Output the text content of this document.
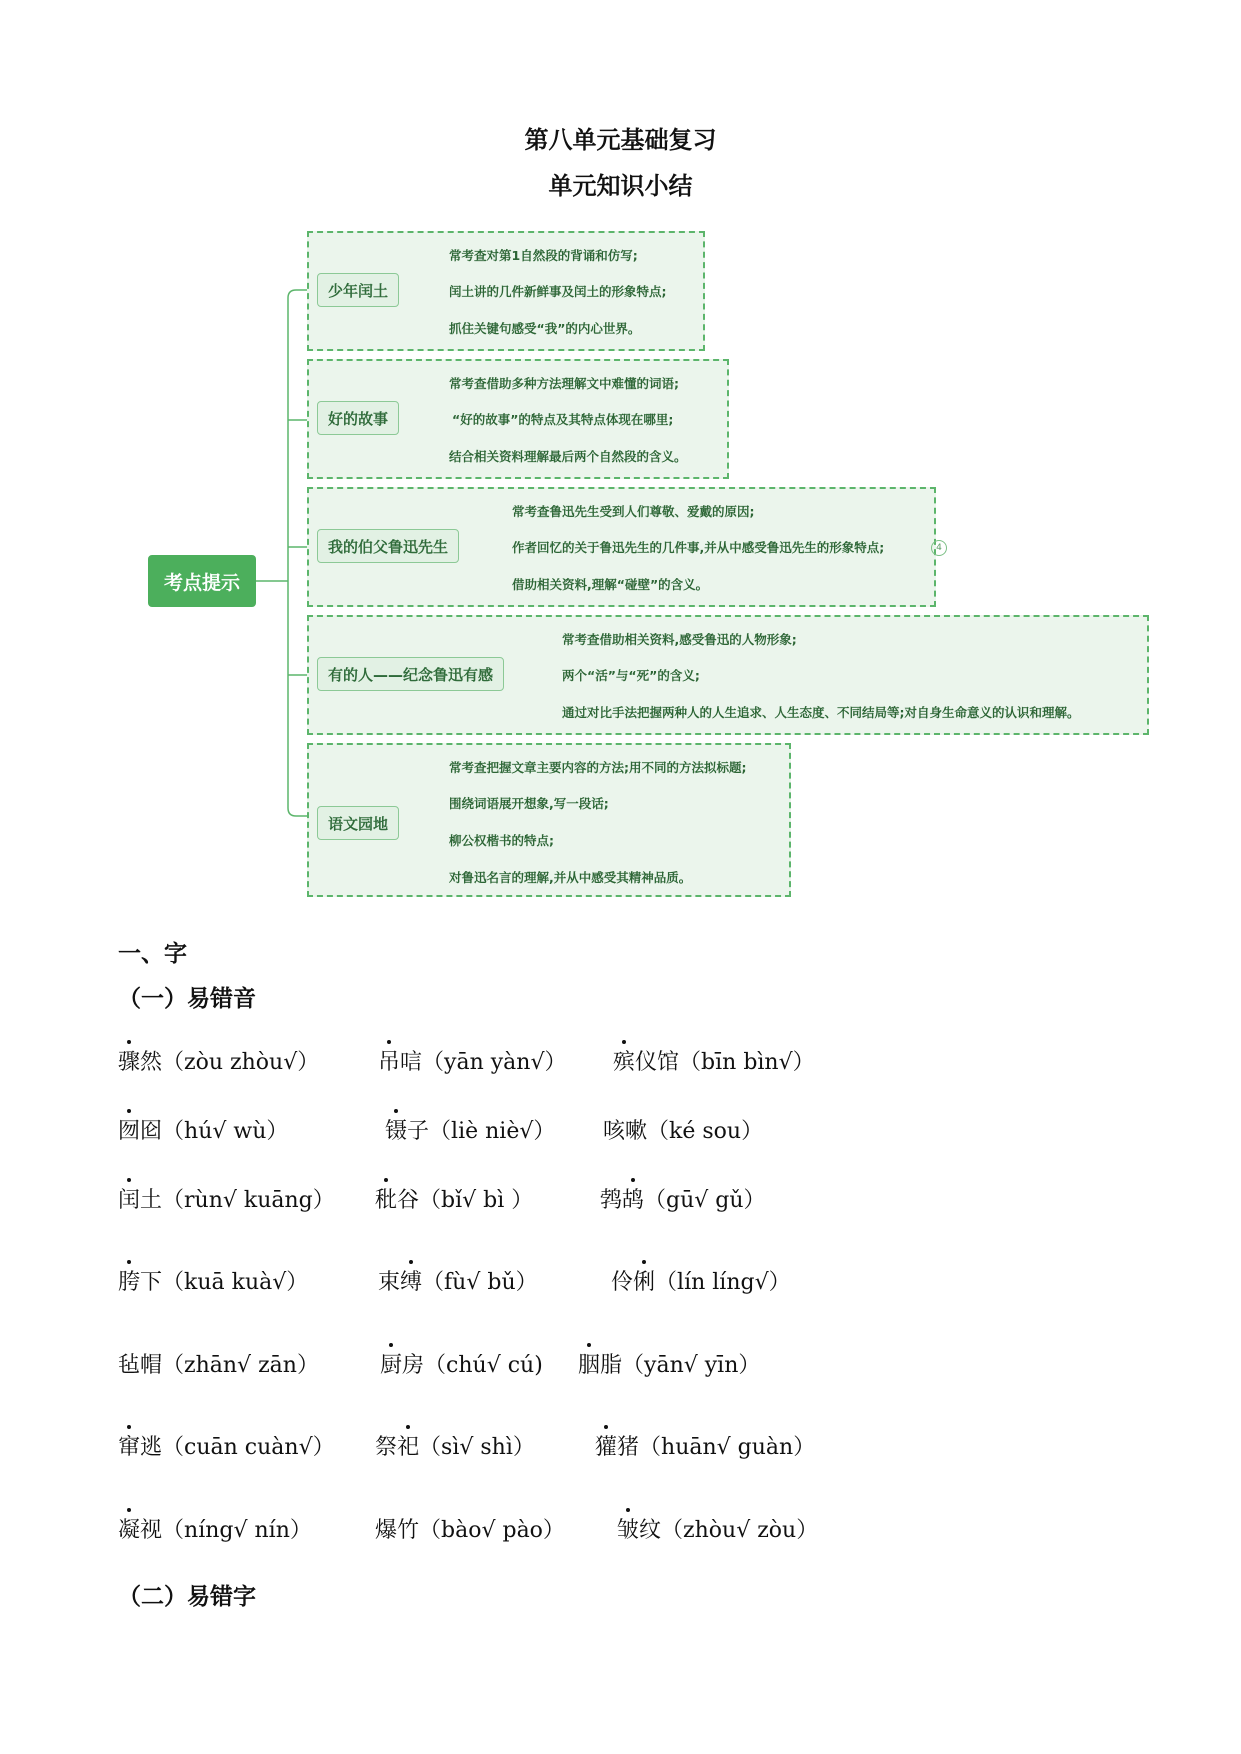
第八单元基础复习
单元知识小结
考点提示
少年闰土
常考查对第1自然段的背诵和仿写;
闰土讲的几件新鲜事及闰土的形象特点;
抓住关键句感受“我”的内心世界。
好的故事
常考查借助多种方法理解文中难懂的词语;
“好的故事”的特点及其特点体现在哪里;
结合相关资料理解最后两个自然段的含义。
我的伯父鲁迅先生
常考查鲁迅先生受到人们尊敬、爱戴的原因;
作者回忆的关于鲁迅先生的几件事,并从中感受鲁迅先生的形象特点;
借助相关资料,理解“碰壁”的含义。
4
有的人——纪念鲁迅有感
常考查借助相关资料,感受鲁迅的人物形象;
两个“活”与“死”的含义;
通过对比手法把握两种人的人生追求、人生态度、不同结局等;对自身生命意义的认识和理解。
语文园地
常考查把握文章主要内容的方法;用不同的方法拟标题;
围绕词语展开想象,写一段话;
柳公权楷书的特点;
对鲁迅名言的理解,并从中感受其精神品质。
一、字
（一）易错音
骤然（zòu zhòu√）	吊唁（yān yàn√） 殡仪馆（bīn bìn√）
囫囵（hú√ wù）	镊子（liè niè√） 咳嗽（ké sou）
闰土（rùn√ kuāng） 秕谷（bǐ√ bì ）	鹁鸪（gū√ gǔ）
胯下（kuā kuà√）	束缚（fù√ bǔ）	伶俐（lín líng√）
毡帽（zhān√ zān）	厨房（chú√ cú) 胭脂（yān√ yīn）
窜逃（cuān cuàn√） 祭祀（sì√ shì）	獾猪（huān√ guàn）
凝视（níng√ nín）	爆竹（bào√ pào） 皱纹（zhòu√ zòu）
（二）易错字
